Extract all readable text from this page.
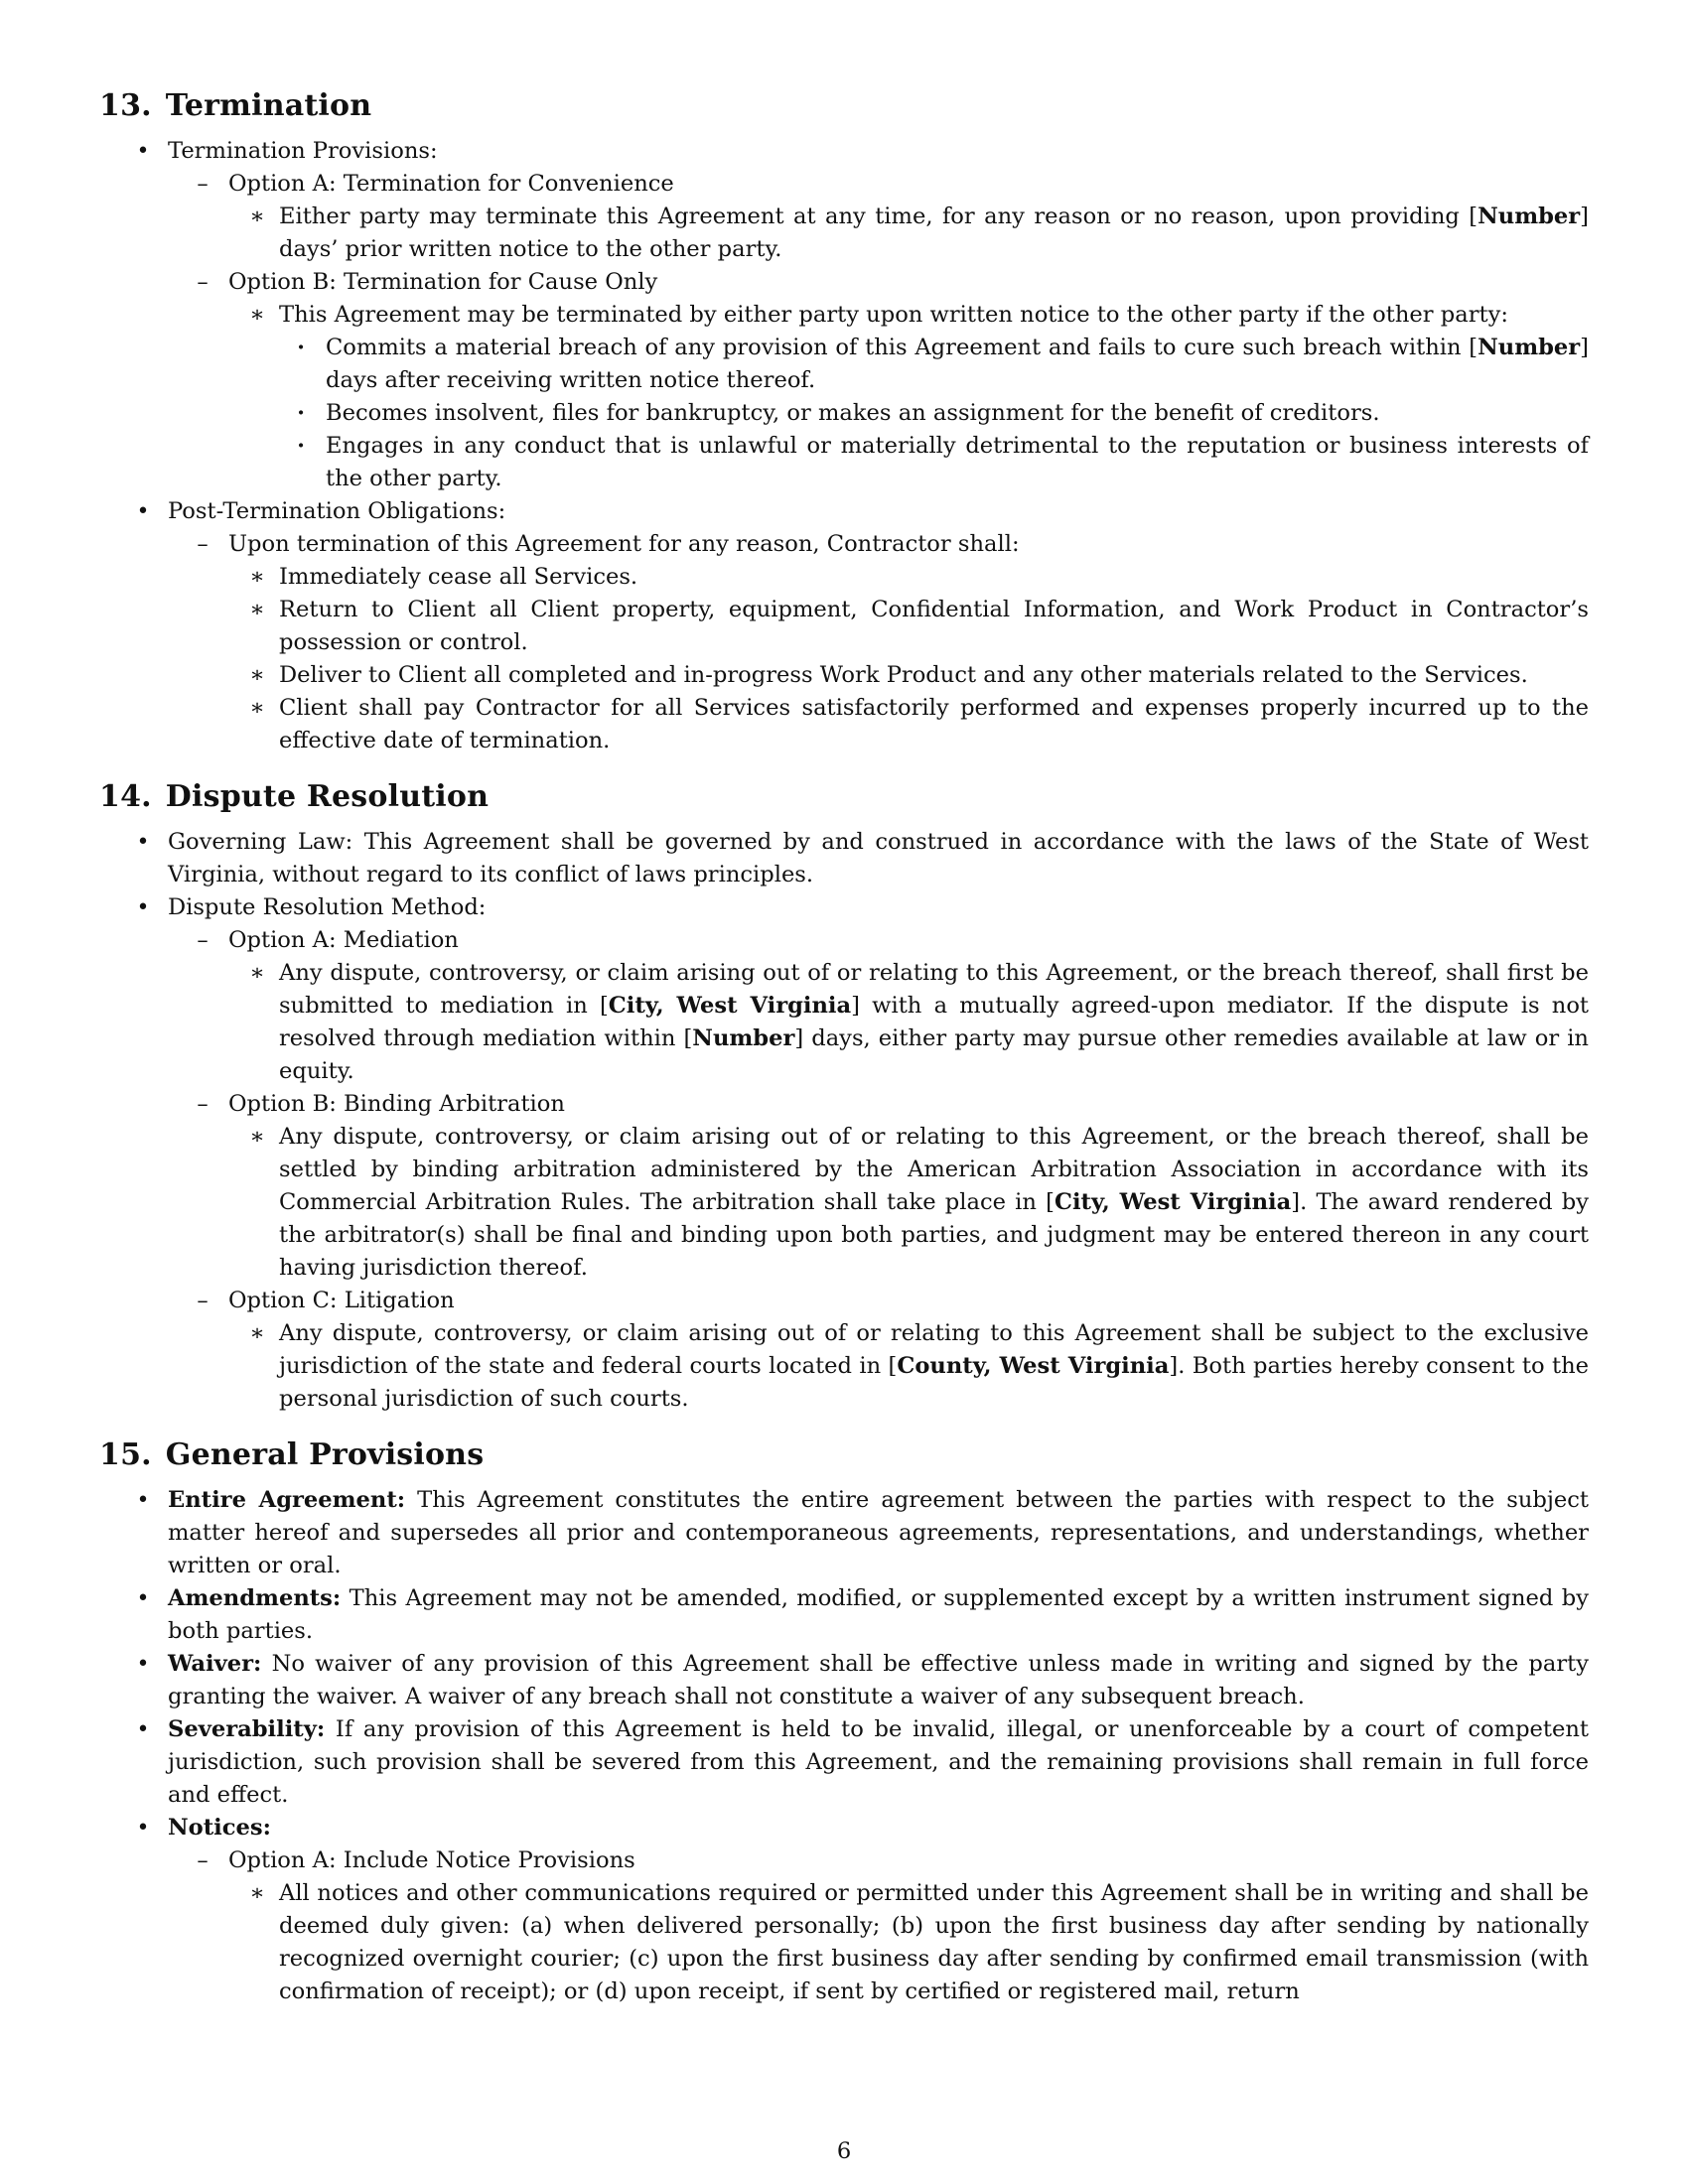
13. Termination
• Termination Provisions:
– Option A: Termination for Convenience
∗ Either party may terminate this Agreement at any time, for any reason or no reason, upon providing [Number] days’ prior written notice to the other party.
– Option B: Termination for Cause Only
∗ This Agreement may be terminated by either party upon written notice to the other party if the other party:
· Commits a material breach of any provision of this Agreement and fails to cure such breach within [Number] days after receiving written notice thereof.
· Becomes insolvent, files for bankruptcy, or makes an assignment for the benefit of creditors.
· Engages in any conduct that is unlawful or materially detrimental to the reputation or business interests of the other party.
• Post-Termination Obligations:
– Upon termination of this Agreement for any reason, Contractor shall:
∗ Immediately cease all Services.
∗ Return to Client all Client property, equipment, Confidential Information, and Work Product in Contractor’s possession or control.
∗ Deliver to Client all completed and in-progress Work Product and any other materials related to the Services.
∗ Client shall pay Contractor for all Services satisfactorily performed and expenses properly incurred up to the effective date of termination.
14. Dispute Resolution
• Governing Law: This Agreement shall be governed by and construed in accordance with the laws of the State of West Virginia, without regard to its conflict of laws principles.
• Dispute Resolution Method:
– Option A: Mediation
∗ Any dispute, controversy, or claim arising out of or relating to this Agreement, or the breach thereof, shall first be submitted to mediation in [City, West Virginia] with a mutually agreed-upon mediator. If the dispute is not resolved through mediation within [Number] days, either party may pursue other remedies available at law or in equity.
– Option B: Binding Arbitration
∗ Any dispute, controversy, or claim arising out of or relating to this Agreement, or the breach thereof, shall be settled by binding arbitration administered by the American Arbitration Association in accordance with its Commercial Arbitration Rules. The arbitration shall take place in [City, West Virginia]. The award rendered by the arbitrator(s) shall be final and binding upon both parties, and judgment may be entered thereon in any court having jurisdiction thereof.
– Option C: Litigation
∗ Any dispute, controversy, or claim arising out of or relating to this Agreement shall be subject to the exclusive jurisdiction of the state and federal courts located in [County, West Virginia]. Both parties hereby consent to the personal jurisdiction of such courts.
15. General Provisions
• Entire Agreement: This Agreement constitutes the entire agreement between the parties with respect to the subject matter hereof and supersedes all prior and contemporaneous agreements, representations, and understandings, whether written or oral.
• Amendments: This Agreement may not be amended, modified, or supplemented except by a written instrument signed by both parties.
• Waiver: No waiver of any provision of this Agreement shall be effective unless made in writing and signed by the party granting the waiver. A waiver of any breach shall not constitute a waiver of any subsequent breach.
• Severability: If any provision of this Agreement is held to be invalid, illegal, or unenforceable by a court of competent jurisdiction, such provision shall be severed from this Agreement, and the remaining provisions shall remain in full force and effect.
• Notices:
– Option A: Include Notice Provisions
∗ All notices and other communications required or permitted under this Agreement shall be in writing and shall be deemed duly given: (a) when delivered personally; (b) upon the first business day after sending by nationally recognized overnight courier; (c) upon the first business day after sending by confirmed email transmission (with confirmation of receipt); or (d) upon receipt, if sent by certified or registered mail, return
6
